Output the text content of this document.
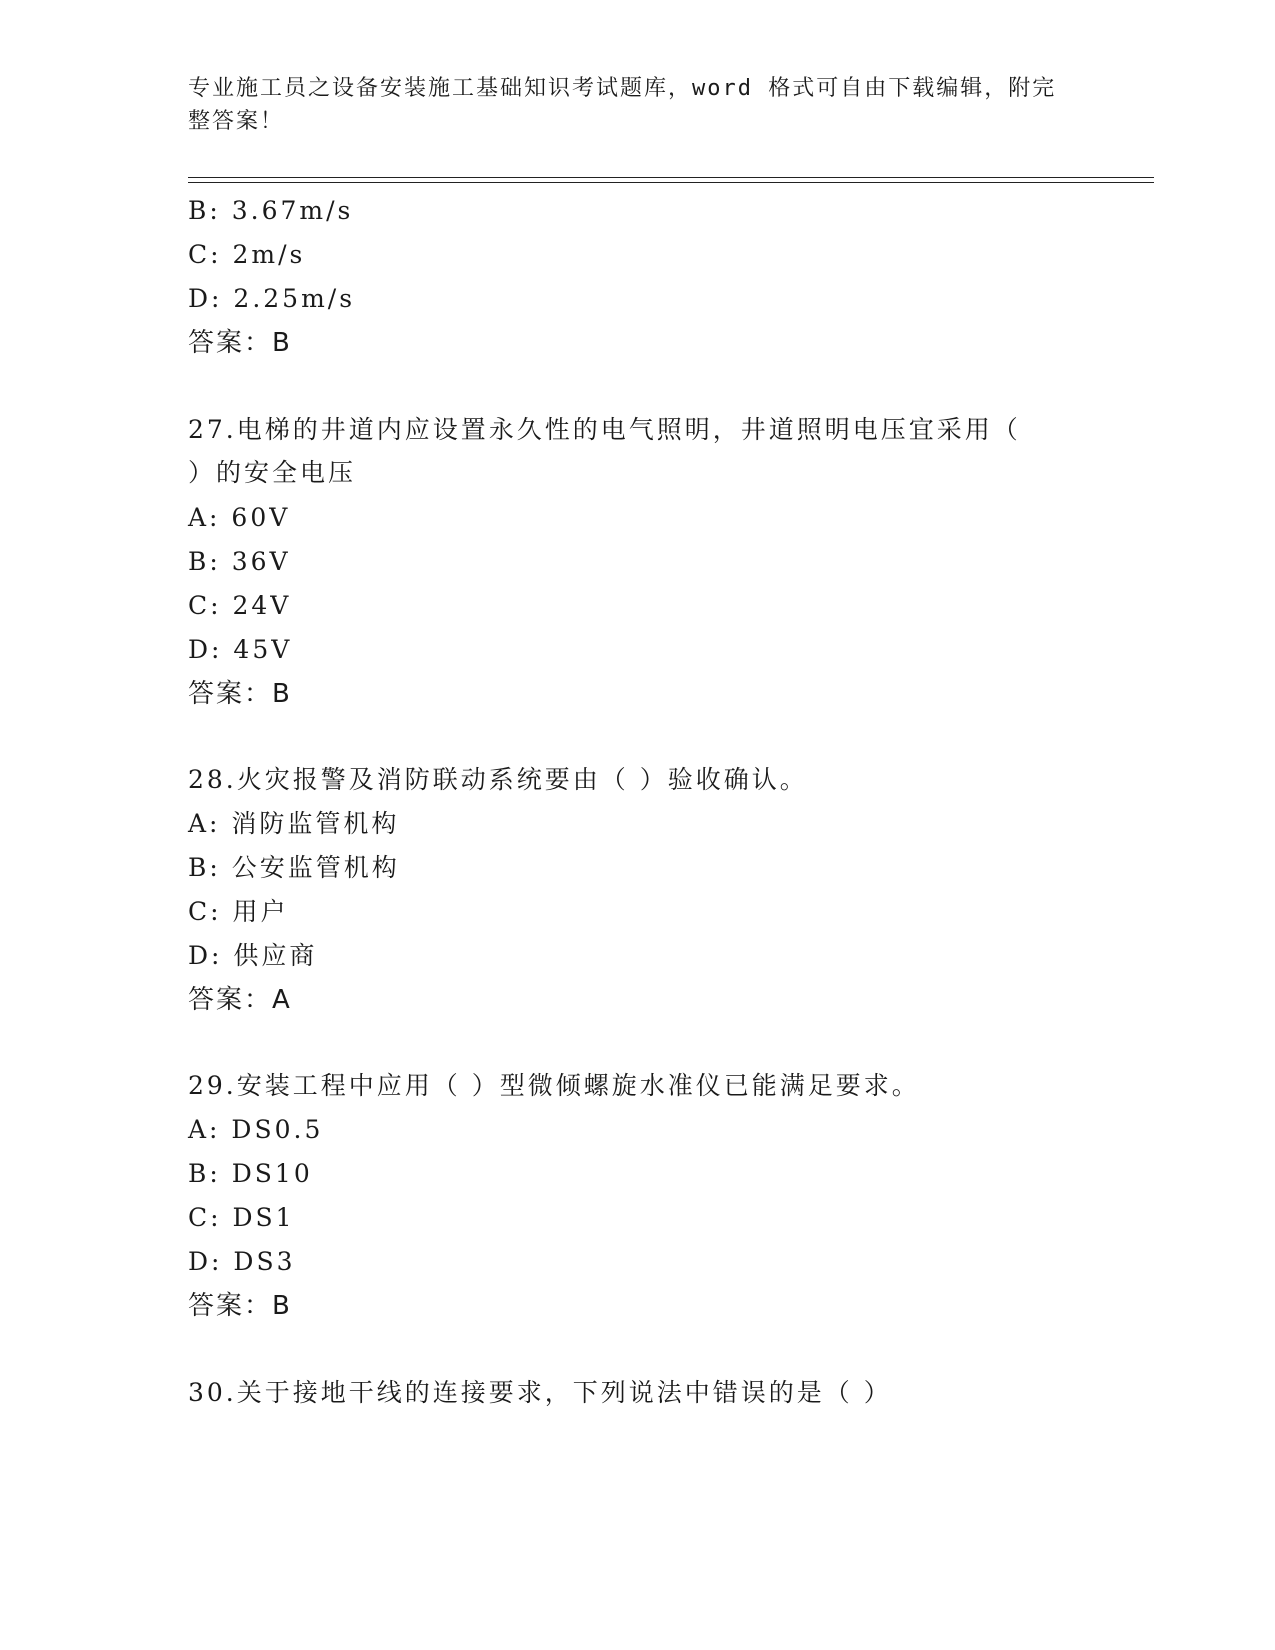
专业施工员之设备安装施工基础知识考试题库，word 格式可自由下载编辑，附完
整答案！
B: 3.67m/s
C: 2m/s
D: 2.25m/s
答案：B
27.电梯的井道内应设置永久性的电气照明，井道照明电压宜采用（
）的安全电压
A: 60V
B: 36V
C: 24V
D: 45V
答案：B
28.火灾报警及消防联动系统要由（ ）验收确认。
A: 消防监管机构
B: 公安监管机构
C: 用户
D: 供应商
答案：A
29.安装工程中应用（ ）型微倾螺旋水准仪已能满足要求。
A: DS0.5
B: DS10
C: DS1
D: DS3
答案：B
30.关于接地干线的连接要求，下列说法中错误的是（ ）
